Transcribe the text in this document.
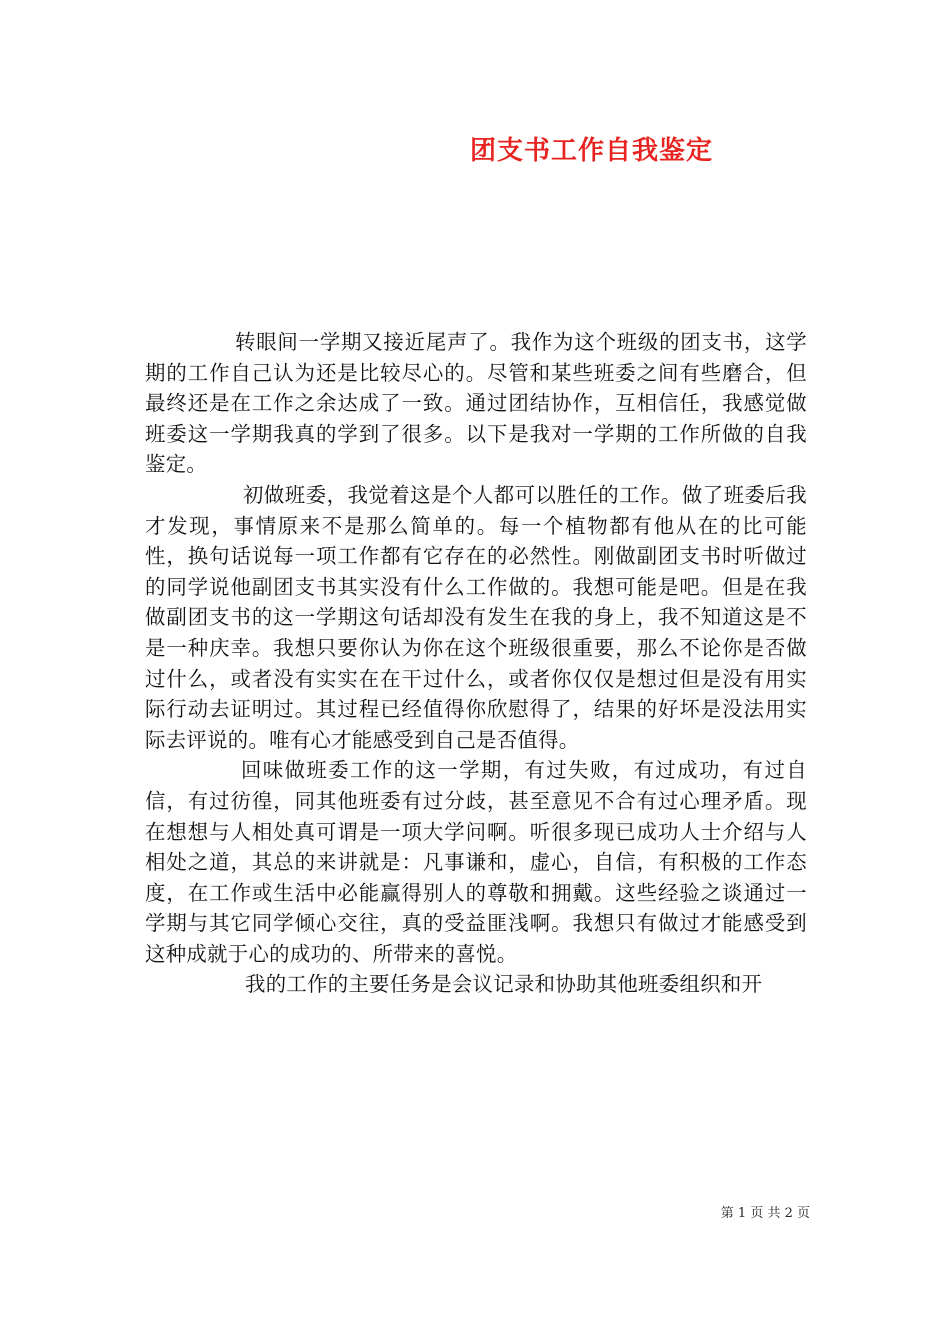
团支书工作自我鉴定

转眼间一学期又接近尾声了。我作为这个班级的团支书，这学期的工作自己认为还是比较尽心的。尽管和某些班委之间有些磨合，但最终还是在工作之余达成了一致。通过团结协作，互相信任，我感觉做班委这一学期我真的学到了很多。以下是我对一学期的工作所做的自我鉴定。

初做班委，我觉着这是个人都可以胜任的工作。做了班委后我才发现，事情原来不是那么简单的。每一个植物都有他从在的比可能性，换句话说每一项工作都有它存在的必然性。刚做副团支书时听做过的同学说他副团支书其实没有什么工作做的。我想可能是吧。但是在我做副团支书的这一学期这句话却没有发生在我的身上，我不知道这是不是一种庆幸。我想只要你认为你在这个班级很重要，那么不论你是否做过什么，或者没有实实在在干过什么，或者你仅仅是想过但是没有用实际行动去证明过。其过程已经值得你欣慰得了，结果的好坏是没法用实际去评说的。唯有心才能感受到自己是否值得。

回味做班委工作的这一学期，有过失败，有过成功，有过自信，有过彷徨，同其他班委有过分歧，甚至意见不合有过心理矛盾。现在想想与人相处真可谓是一项大学问啊。听很多现已成功人士介绍与人相处之道，其总的来讲就是：凡事谦和，虚心，自信，有积极的工作态度，在工作或生活中必能赢得别人的尊敬和拥戴。这些经验之谈通过一学期与其它同学倾心交往，真的受益匪浅啊。我想只有做过才能感受到这种成就于心的成功的、所带来的喜悦。

我的工作的主要任务是会议记录和协助其他班委组织和开

第 1 页 共 2 页
